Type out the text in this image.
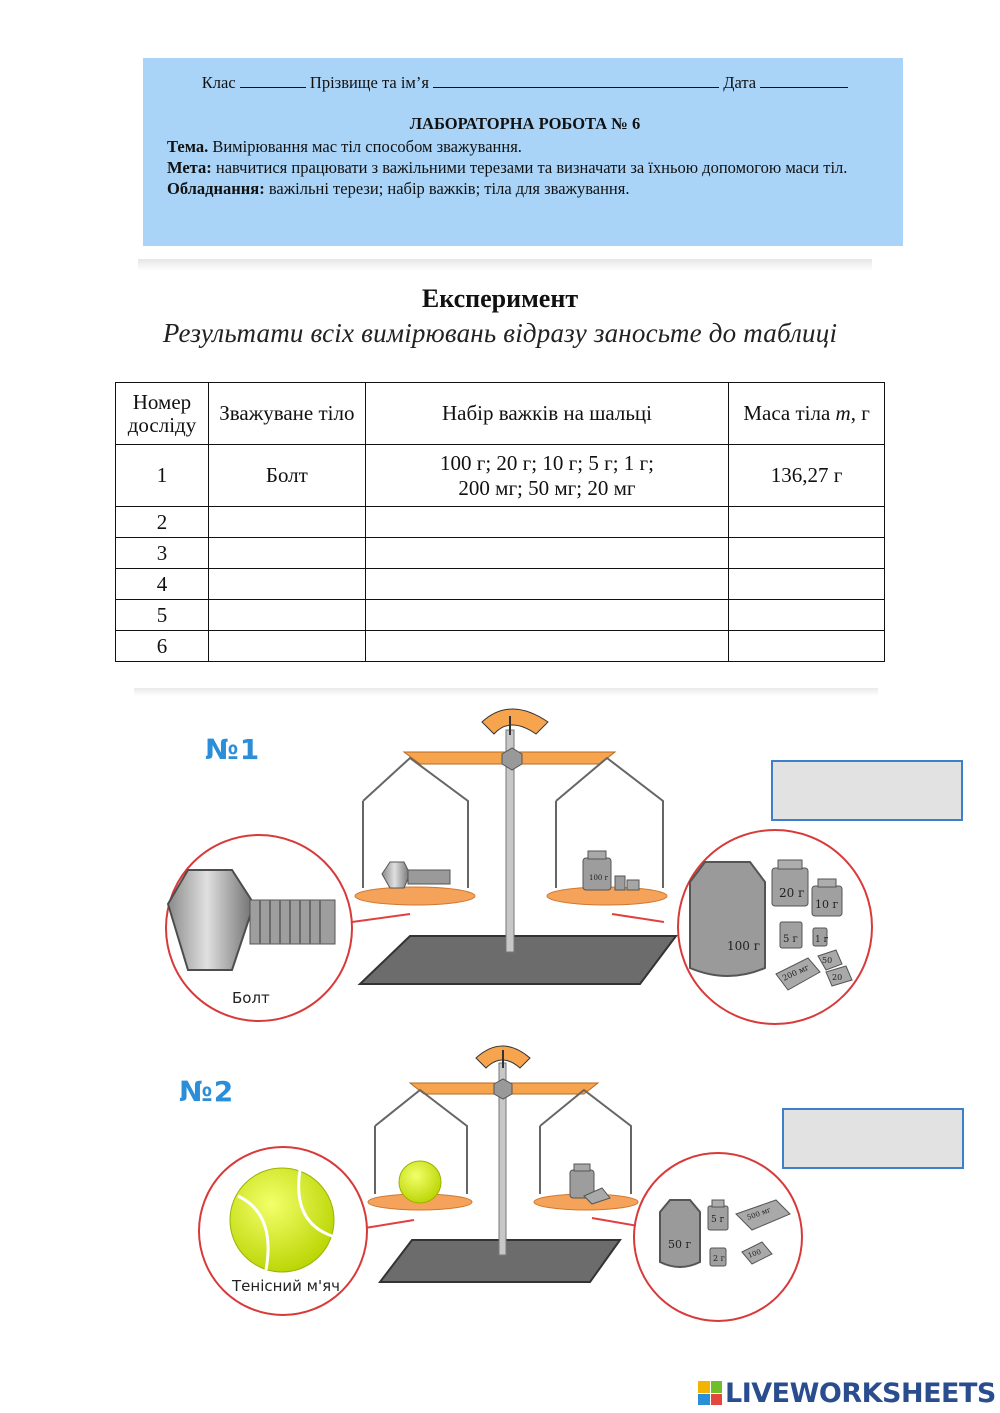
Клас	Прізвище та ім’я	Дата
ЛАБОРАТОРНА РОБОТА № 6
Тема. Вимірювання мас тіл способом зважування.
Мета: навчитися працювати з важільними терезами та визначати за їхньою допомогою маси тіл.
Обладнання: важільні терези; набір важків; тіла для зважування.
Експеримент
Результати всіх вимірювань відразу заносьте до таблиці
Номер
досліду	Зважуване тіло	Набір важків на шальці	Маса тіла m, г
1	Болт	100 г; 20 г; 10 г; 5 г; 1 г;
200 мг; 50 мг; 20 мг	136,27 г
2			
3			
4			
5			
6			
100 г
20 г
10 г
5 г 1 г
200 мг
50
20
100 г
50 г
5 г
2 г
500 мг
100
№1
№2
Болт
Тенісний м'яч
LIVEWORKSHEETS
